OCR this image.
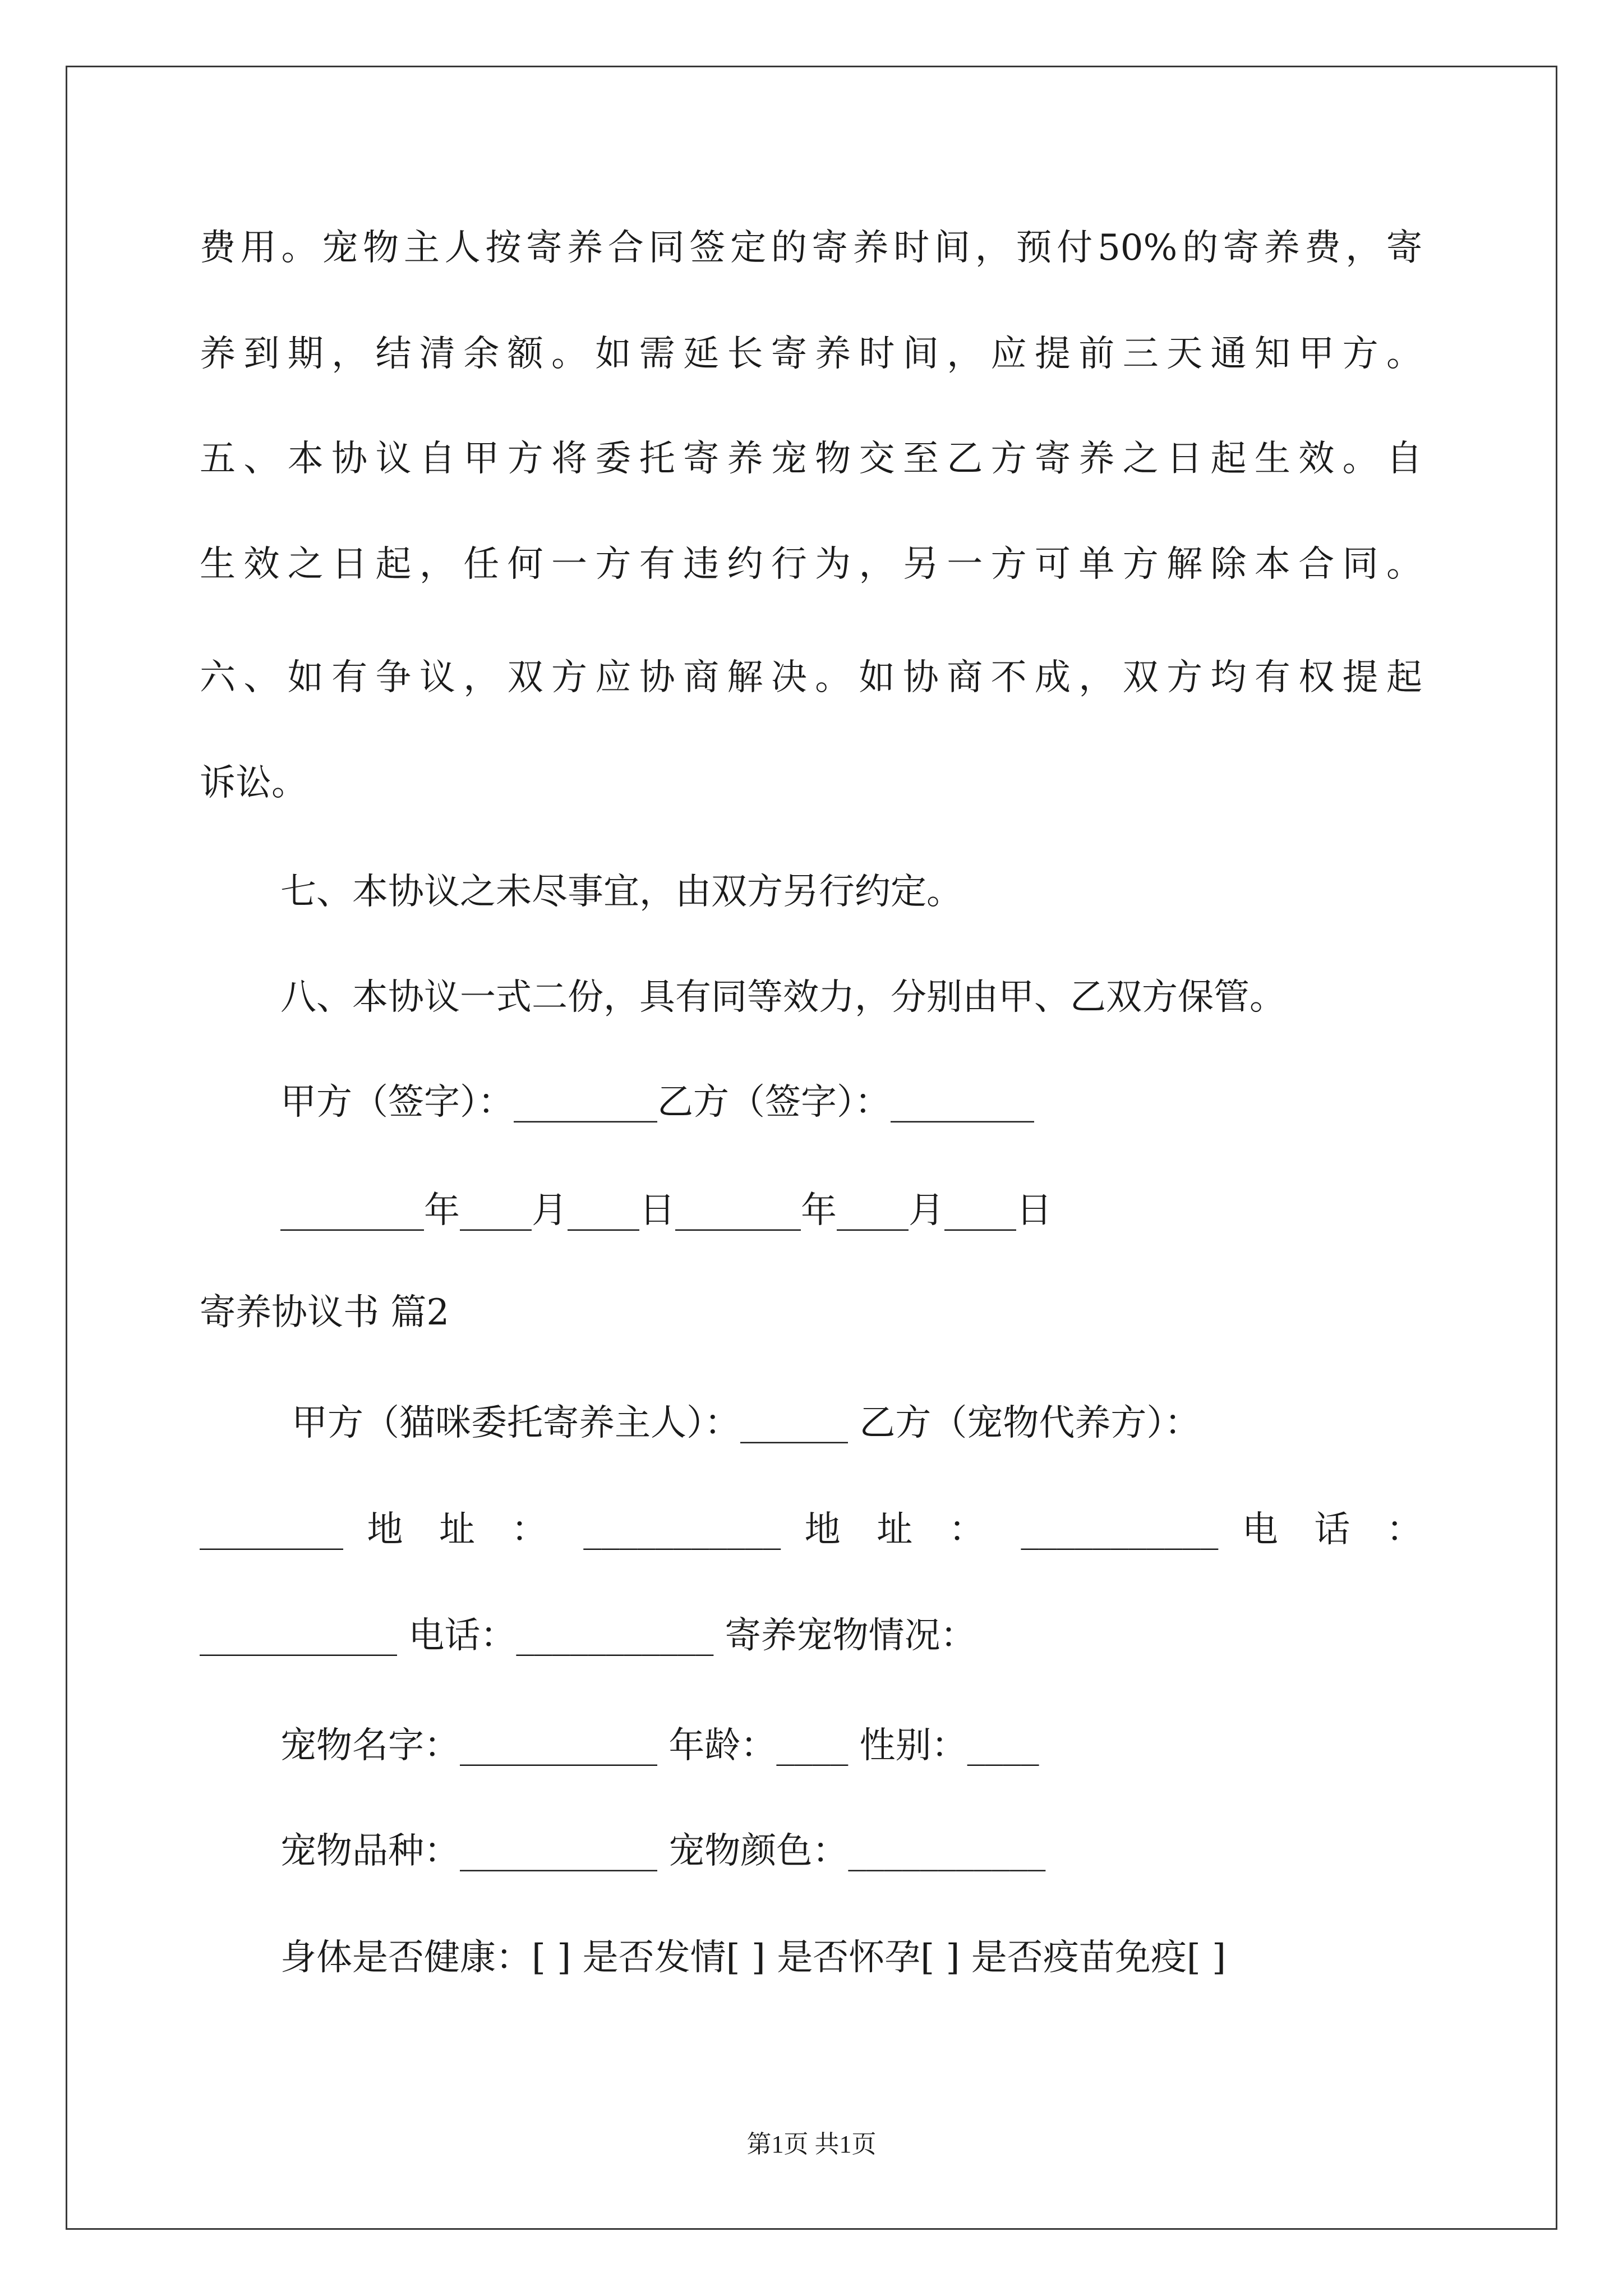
费用。宠物主人按寄养合同签定的寄养时间，预付50%的寄养费，寄
养到期，结清余额。如需延长寄养时间，应提前三天通知甲方。
五、本协议自甲方将委托寄养宠物交至乙方寄养之日起生效。自
生效之日起，任何一方有违约行为，另一方可单方解除本合同。
六、如有争议，双方应协商解决。如协商不成，双方均有权提起
诉讼。
七、本协议之未尽事宜，由双方另行约定。
八、本协议一式二份，具有同等效力，分别由甲、乙双方保管。
甲方（签字）：________乙方（签字）：________
________年____月____日_______年____月____日
寄养协议书 篇2
甲方（猫咪委托寄养主人）：______ 乙方（宠物代养方）：
________ 地 址 ： ___________ 地 址 ： ___________ 电 话 ：
___________ 电话：___________ 寄养宠物情况：
宠物名字：___________ 年龄：____ 性别：____
宠物品种：___________ 宠物颜色：___________
身体是否健康：[ ] 是否发情[ ] 是否怀孕[ ] 是否疫苗免疫[ ]
第1页 共1页
